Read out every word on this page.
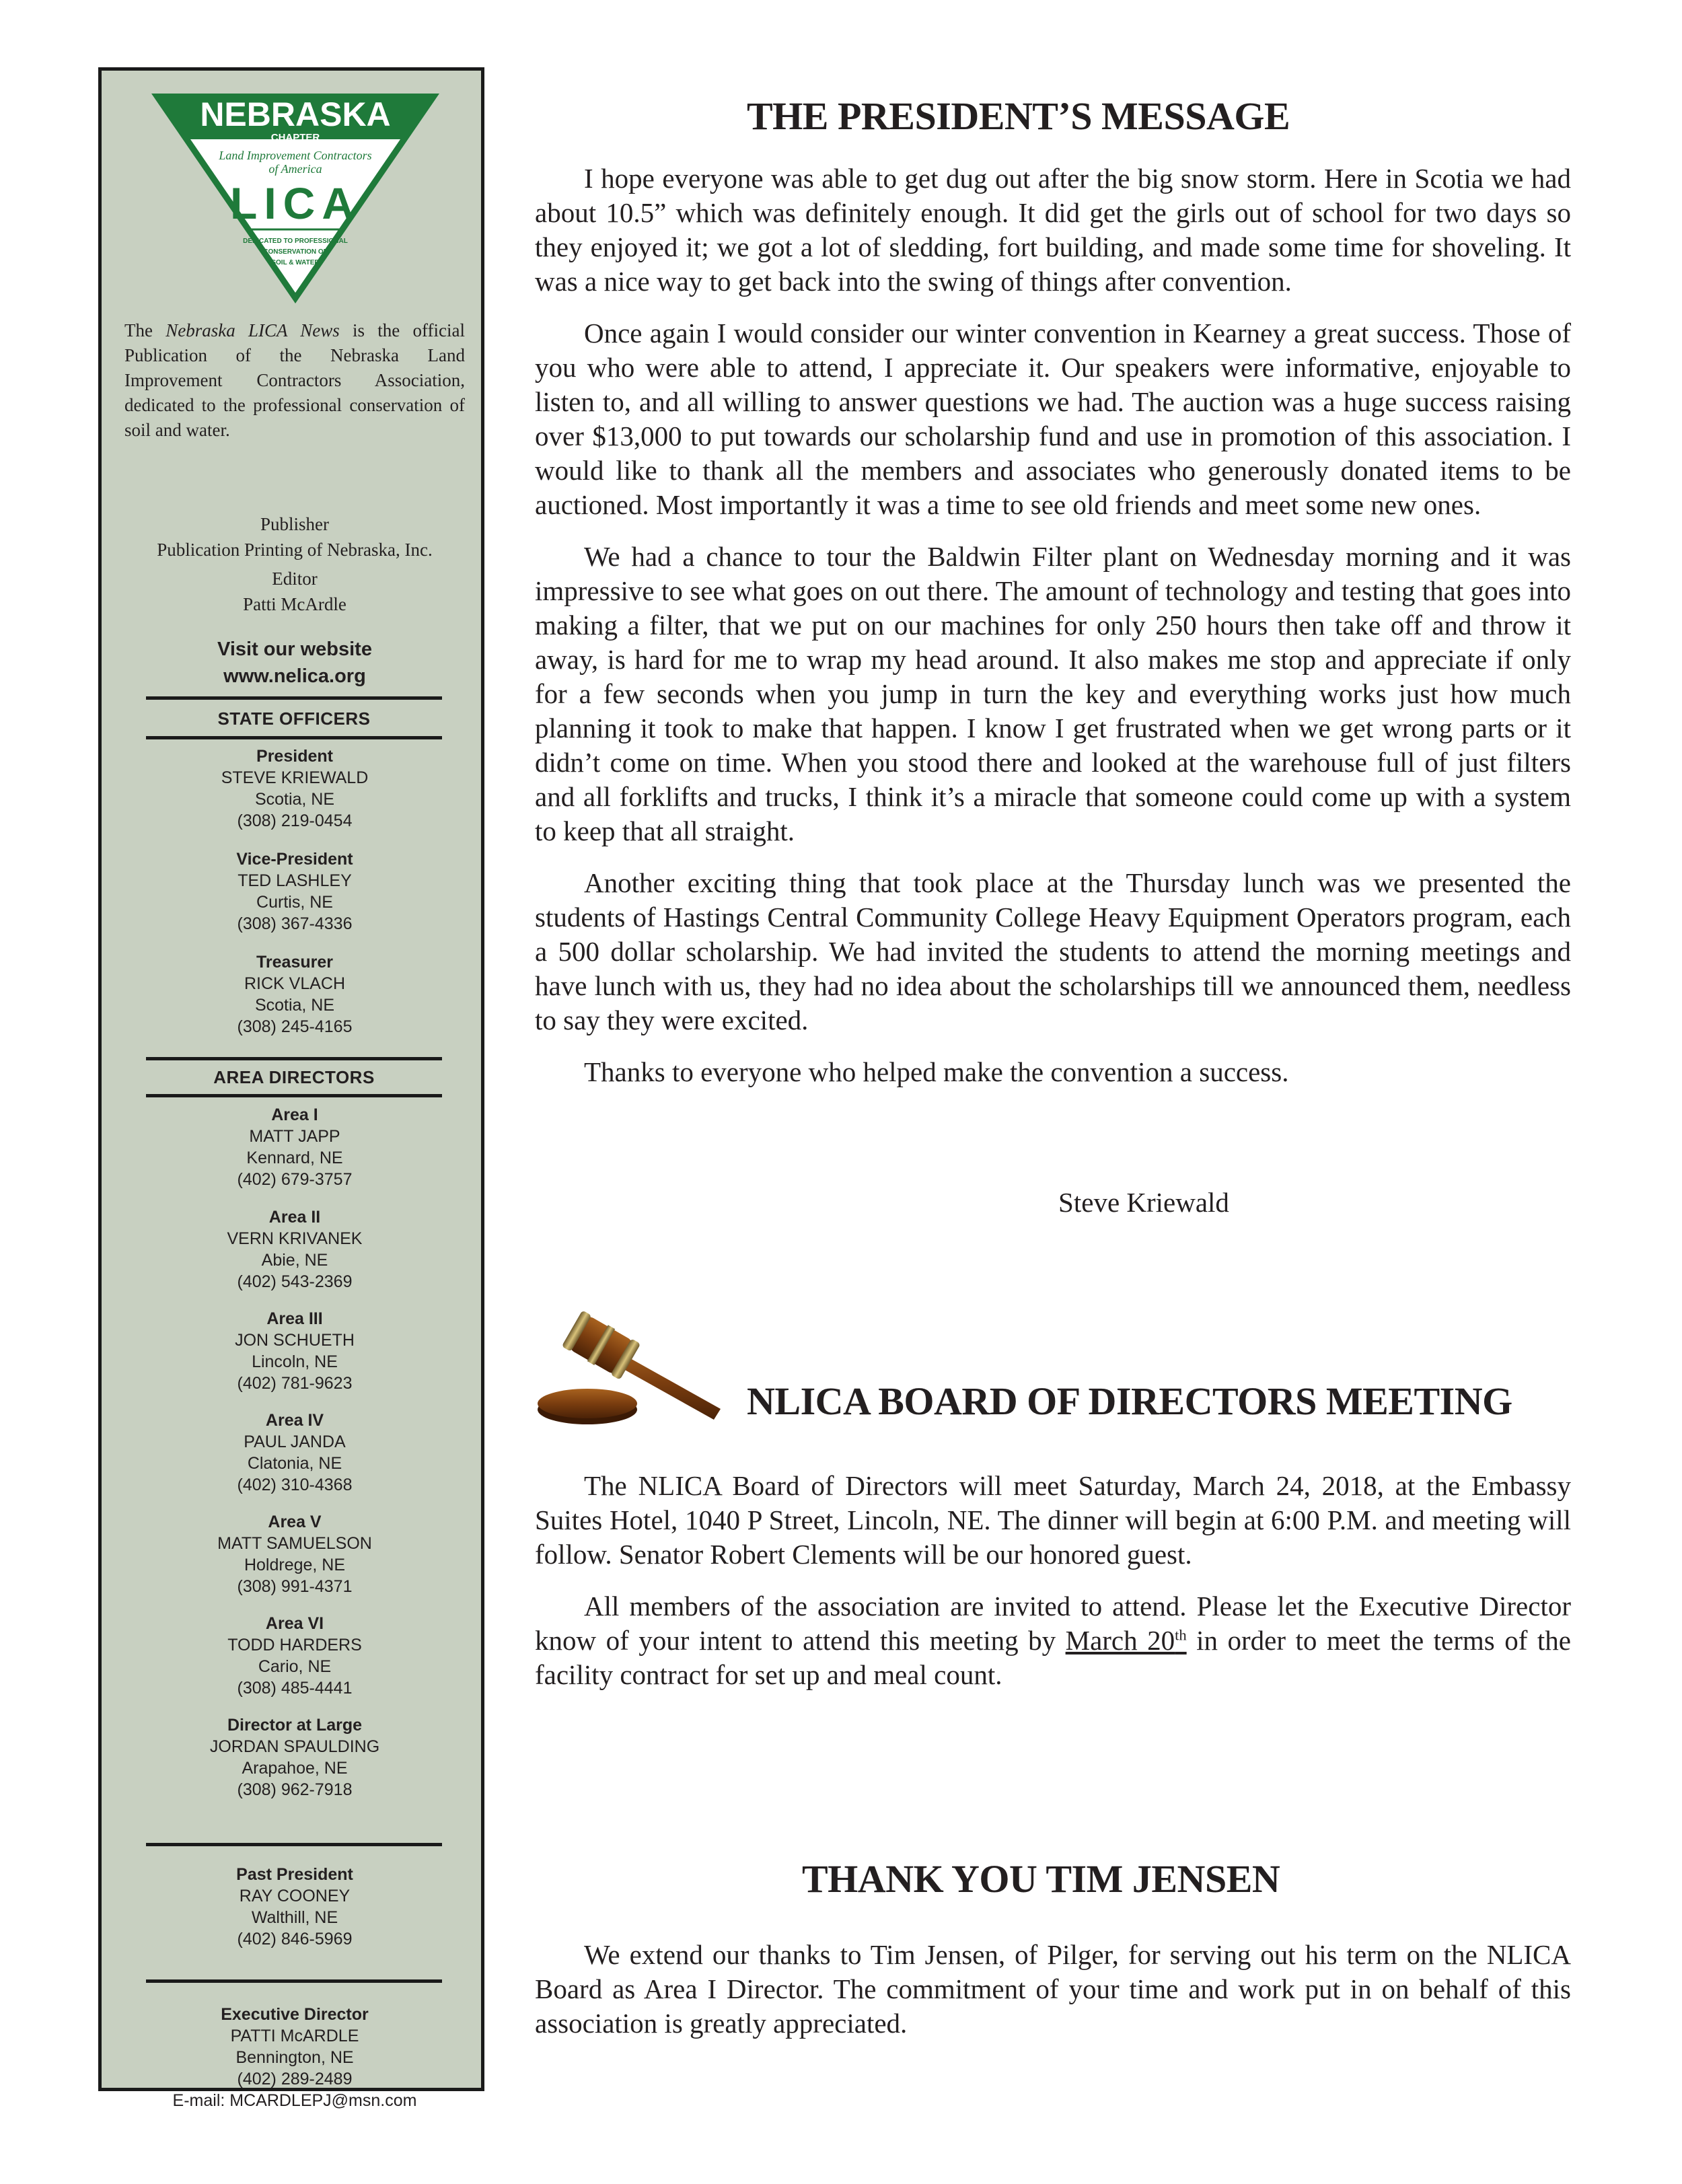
NEBRASKA
CHAPTER
Land Improvement Contractors
of America
LICA
DEDICATED TO PROFESSIONAL
CONSERVATION OF
SOIL & WATER
The Nebraska LICA News is the official Publication of the Nebraska Land Improvement Contractors Association, dedicated to the professional conservation of soil and water.
Publisher
Publication Printing of Nebraska, Inc.
Editor
Patti McArdle
Visit our website
www.nelica.org
STATE OFFICERS
President
STEVE KRIEWALD
Scotia, NE
(308) 219-0454
Vice-President
TED LASHLEY
Curtis, NE
(308) 367-4336
Treasurer
RICK VLACH
Scotia, NE
(308) 245-4165
AREA DIRECTORS
Area I
MATT JAPP
Kennard, NE
(402) 679-3757
Area II
VERN KRIVANEK
Abie, NE
(402) 543-2369
Area III
JON SCHUETH
Lincoln, NE
(402) 781-9623
Area IV
PAUL JANDA
Clatonia, NE
(402) 310-4368
Area V
MATT SAMUELSON
Holdrege, NE
(308) 991-4371
Area VI
TODD HARDERS
Cario, NE
(308) 485-4441
Director at Large
JORDAN SPAULDING
Arapahoe, NE
(308) 962-7918
Past President
RAY COONEY
Walthill, NE
(402) 846-5969
Executive Director
PATTI McARDLE
Bennington, NE
(402) 289-2489
E-mail: MCARDLEPJ@msn.com
THE PRESIDENT’S MESSAGE

I hope everyone was able to get dug out after the big snow storm. Here in Scotia we had about 10.5” which was definitely enough. It did get the girls out of school for two days so they enjoyed it; we got a lot of sledding, fort building, and made some time for shoveling. It was a nice way to get back into the swing of things after convention.

Once again I would consider our winter convention in Kearney a great success. Those of you who were able to attend, I appreciate it. Our speakers were informative, enjoyable to listen to, and all willing to answer questions we had. The auction was a huge success raising over $13,000 to put towards our scholarship fund and use in promotion of this association. I would like to thank all the members and associates who generously donated items to be auctioned. Most importantly it was a time to see old friends and meet some new ones.

We had a chance to tour the Baldwin Filter plant on Wednesday morning and it was impressive to see what goes on out there. The amount of technology and testing that goes into making a filter, that we put on our machines for only 250 hours then take off and throw it away, is hard for me to wrap my head around. It also makes me stop and appreciate if only for a few seconds when you jump in turn the key and everything works just how much planning it took to make that happen. I know I get frustrated when we get wrong parts or it didn’t come on time. When you stood there and looked at the warehouse full of just filters and all forklifts and trucks, I think it’s a miracle that someone could come up with a system to keep that all straight.

Another exciting thing that took place at the Thursday lunch was we presented the students of Hastings Central Community College Heavy Equipment Operators program, each a 500 dollar scholarship. We had invited the students to attend the morning meetings and have lunch with us, they had no idea about the scholarships till we announced them, needless to say they were excited.

Thanks to everyone who helped make the convention a success.

Steve Kriewald
NLICA BOARD OF DIRECTORS MEETING

The NLICA Board of Directors will meet Saturday, March 24, 2018, at the Embassy Suites Hotel, 1040 P Street, Lincoln, NE. The dinner will begin at 6:00 P.M. and meeting will follow. Senator Robert Clements will be our honored guest.

All members of the association are invited to attend. Please let the Executive Director know of your intent to attend this meeting by March 20th in order to meet the terms of the facility contract for set up and meal count.

THANK YOU TIM JENSEN

We extend our thanks to Tim Jensen, of Pilger, for serving out his term on the NLICA Board as Area I Director. The commitment of your time and work put in on behalf of this association is greatly appreciated.
